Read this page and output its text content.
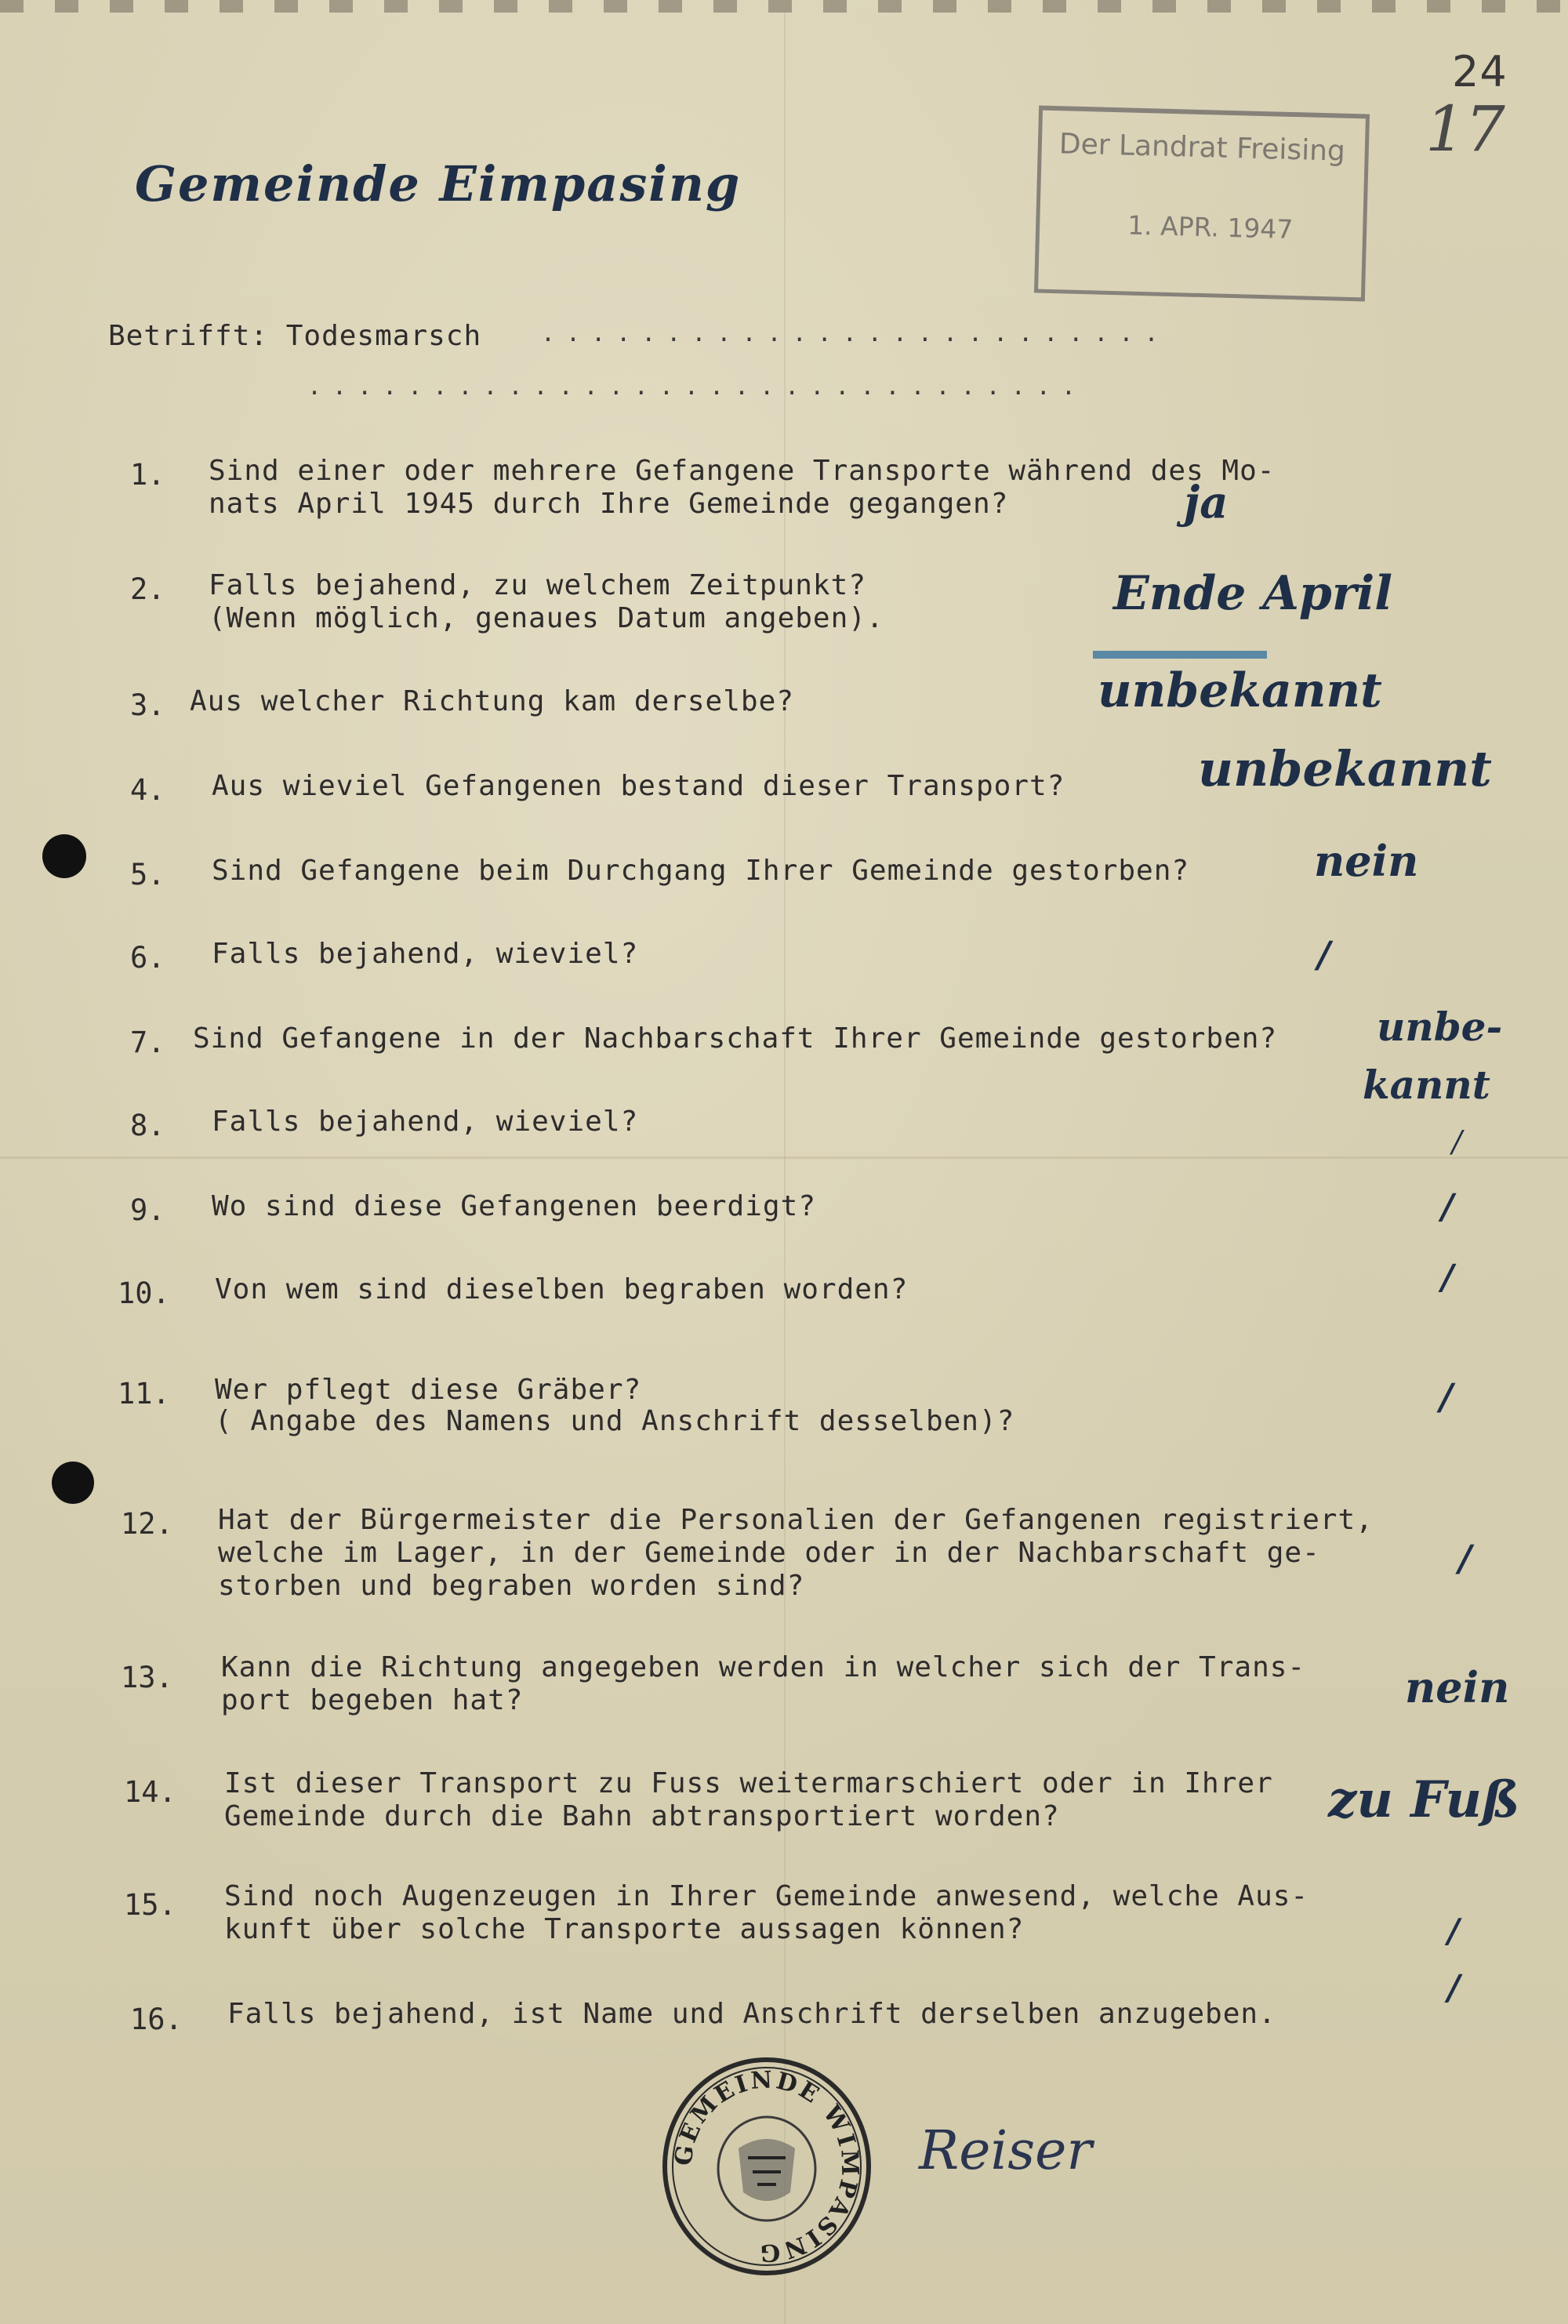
24
17
Gemeinde Eimpasing
Der Landrat Freising
1. APR. 1947
Betrifft: Todesmarsch	.........................
...............................
1. Sind einer oder mehrere Gefangene Transporte während des Mo-
nats April 1945 durch Ihre Gemeinde gegangen?	ja
2. Falls bejahend, zu welchem Zeitpunkt?
(Wenn möglich, genaues Datum angeben).	Ende April
3. Aus welcher Richtung kam derselbe?	unbekannt
4. Aus wieviel Gefangenen bestand dieser Transport?	unbekannt
5. Sind Gefangene beim Durchgang Ihrer Gemeinde gestorben?	nein
6. Falls bejahend, wieviel?	/
7. Sind Gefangene in der Nachbarschaft Ihrer Gemeinde gestorben?	unbe-
kannt
8. Falls bejahend, wieviel?
/
9. Wo sind diese Gefangenen beerdigt?	/
10. Von wem sind dieselben begraben worden?	/
11. Wer pflegt diese Gräber?
( Angabe des Namens und Anschrift desselben)?
/
12. Hat der Bürgermeister die Personalien der Gefangenen registriert,
welche im Lager, in der Gemeinde oder in der Nachbarschaft ge-
storben und begraben worden sind?
/
13. Kann die Richtung angegeben werden in welcher sich der Trans-
port begeben hat?	nein
14. Ist dieser Transport zu Fuss weitermarschiert oder in Ihrer
Gemeinde durch die Bahn abtransportiert worden?	zu Fuß
15. Sind noch Augenzeugen in Ihrer Gemeinde anwesend, welche Aus-
kunft über solche Transporte aussagen können?	/
16. Falls bejahend, ist Name und Anschrift derselben anzugeben.
/
GEMEINDE WIMPASING
Reiser
